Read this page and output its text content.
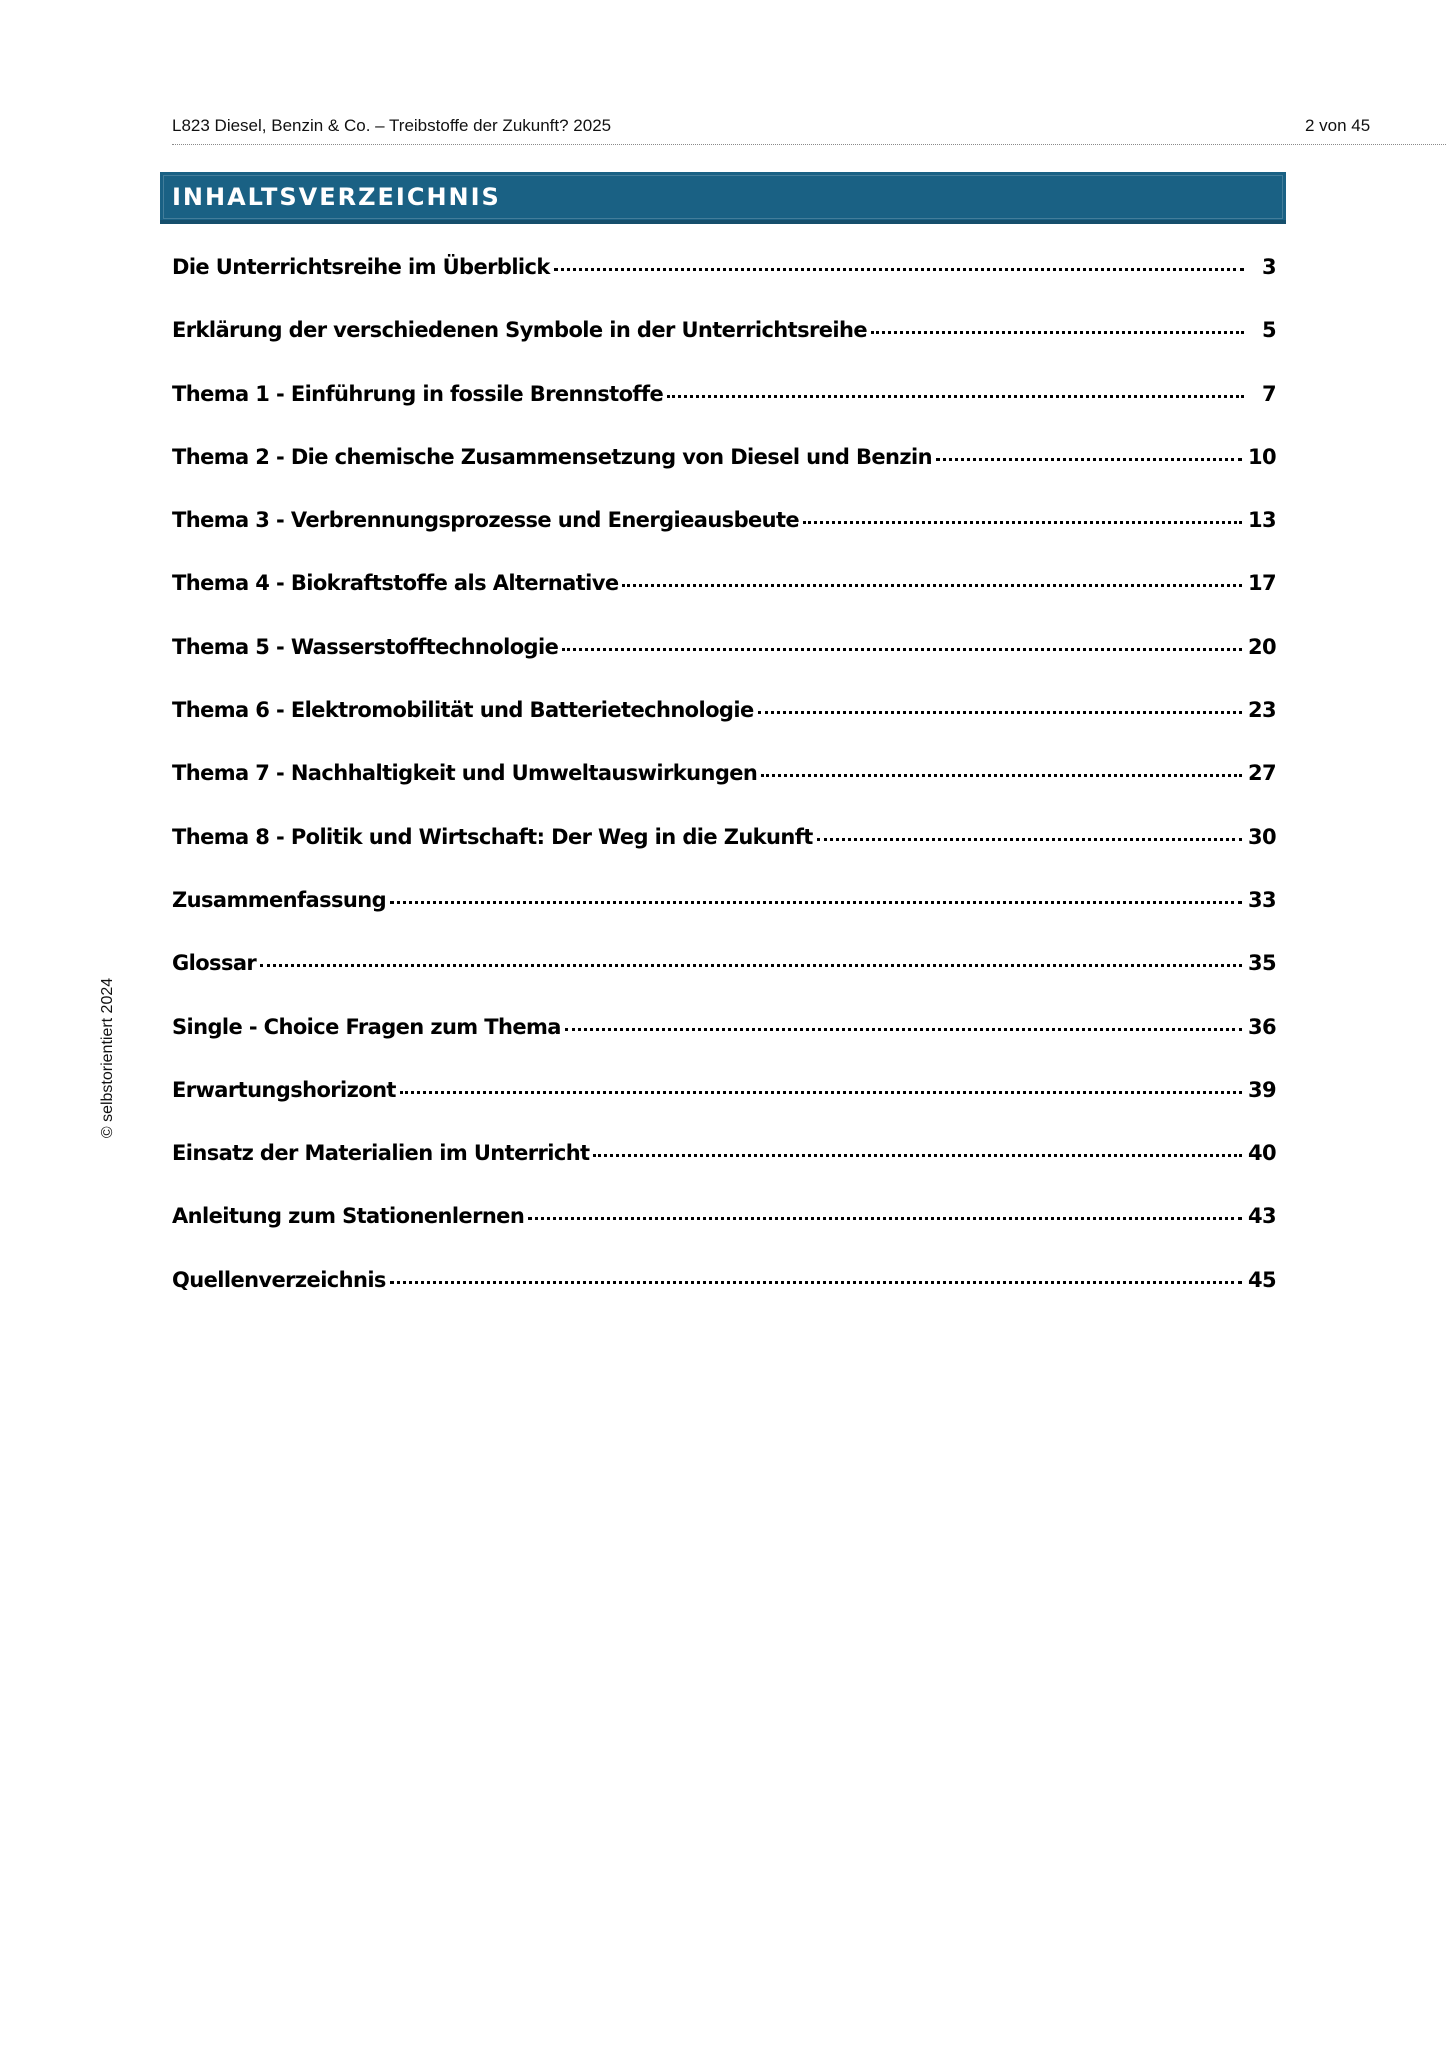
L823 Diesel, Benzin & Co. – Treibstoffe der Zukunft? 2025	2 von 45
INHALTSVERZEICHNIS
Die Unterrichtsreihe im Überblick	3
Erklärung der verschiedenen Symbole in der Unterrichtsreihe	5
Thema 1 - Einführung in fossile Brennstoffe	7
Thema 2 - Die chemische Zusammensetzung von Diesel und Benzin	10
Thema 3 - Verbrennungsprozesse und Energieausbeute	13
Thema 4 - Biokraftstoffe als Alternative	17
Thema 5 - Wasserstofftechnologie	20
Thema 6 - Elektromobilität und Batterietechnologie	23
Thema 7 - Nachhaltigkeit und Umweltauswirkungen	27
Thema 8 - Politik und Wirtschaft: Der Weg in die Zukunft	30
Zusammenfassung	33
Glossar	35
Single - Choice Fragen zum Thema	36
Erwartungshorizont	39
Einsatz der Materialien im Unterricht	40
Anleitung zum Stationenlernen	43
Quellenverzeichnis	45
© selbstorientiert 2024
